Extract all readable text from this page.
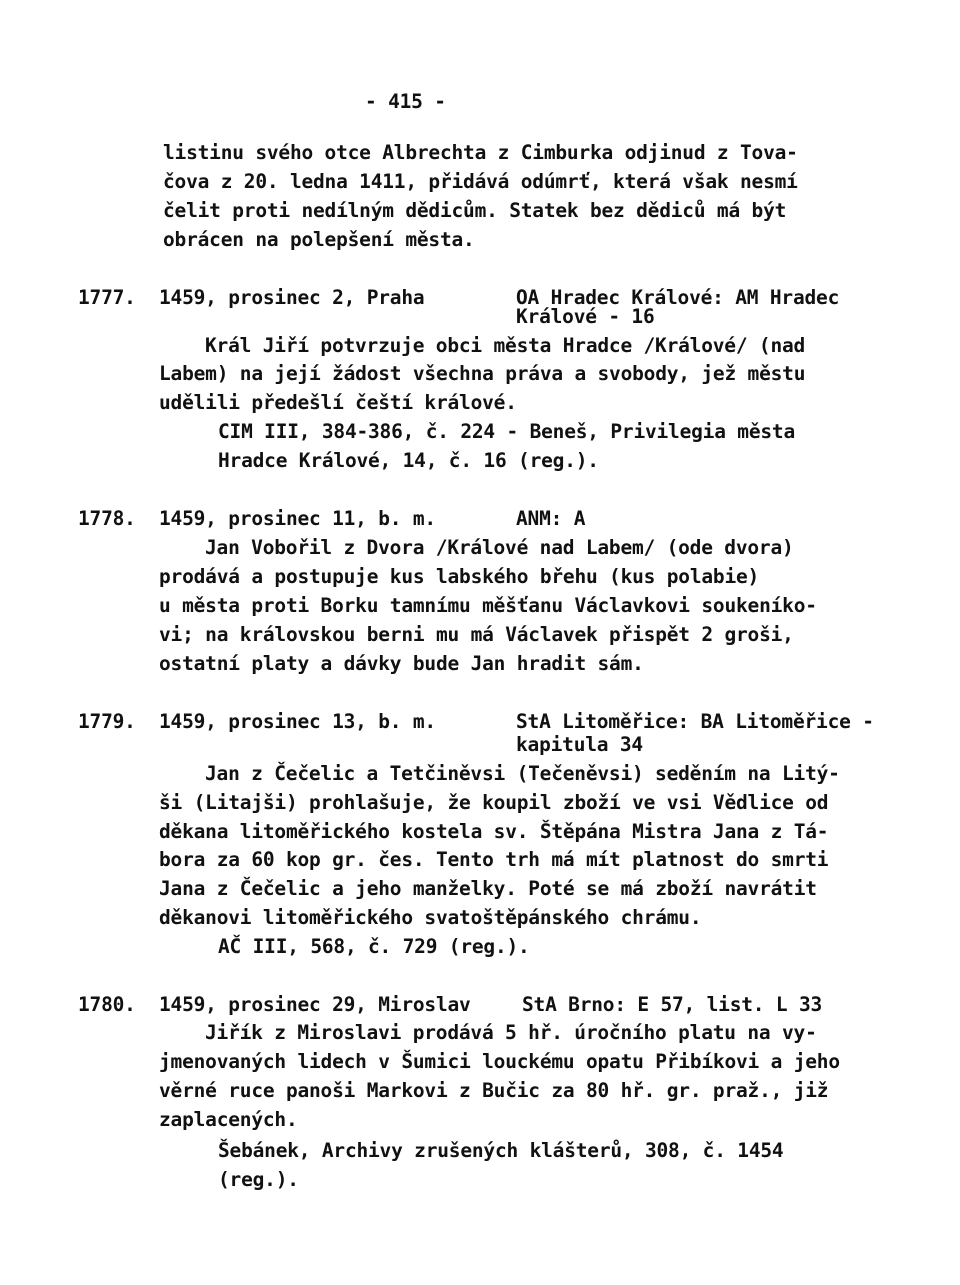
- 415 -
listinu svého otce Albrechta z Cimburka odjinud z Tova-
čova z 20. ledna 1411, přidává odúmrť, která však nesmí
čelit proti nedílným dědicům. Statek bez dědiců má být
obrácen na polepšení města.
1777. 1459, prosinec 2, Praha	OA Hradec Králové: AM Hradec
Králové - 16
Král Jiří potvrzuje obci města Hradce /Králové/ (nad
Labem) na její žádost všechna práva a svobody, jež městu
udělili předešlí čeští králové.
CIM III, 384-386, č. 224 - Beneš, Privilegia města
Hradce Králové, 14, č. 16 (reg.).
1778. 1459, prosinec 11, b. m.	ANM: A
Jan Vobořil z Dvora /Králové nad Labem/ (ode dvora)
prodává a postupuje kus labského břehu (kus polabie)
u města proti Borku tamnímu měšťanu Václavkovi soukeníko-
vi; na královskou berni mu má Václavek přispět 2 groši,
ostatní platy a dávky bude Jan hradit sám.
1779. 1459, prosinec 13, b. m.	StA Litoměřice: BA Litoměřice -
kapitula 34
Jan z Čečelic a Tetčiněvsi (Tečeněvsi) seděním na Litý-
ši (Litajši) prohlašuje, že koupil zboží ve vsi Vědlice od
děkana litoměřického kostela sv. Štěpána Mistra Jana z Tá-
bora za 60 kop gr. čes. Tento trh má mít platnost do smrti
Jana z Čečelic a jeho manželky. Poté se má zboží navrátit
děkanovi litoměřického svatoštěpánského chrámu.
AČ III, 568, č. 729 (reg.).
1780. 1459, prosinec 29, Miroslav	StA Brno: E 57, list. L 33
Jiřík z Miroslavi prodává 5 hř. úročního platu na vy-
jmenovaných lidech v Šumici louckému opatu Přibíkovi a jeho
věrné ruce panoši Markovi z Bučic za 80 hř. gr. praž., již
zaplacených.
Šebánek, Archivy zrušených klášterů, 308, č. 1454
(reg.).
